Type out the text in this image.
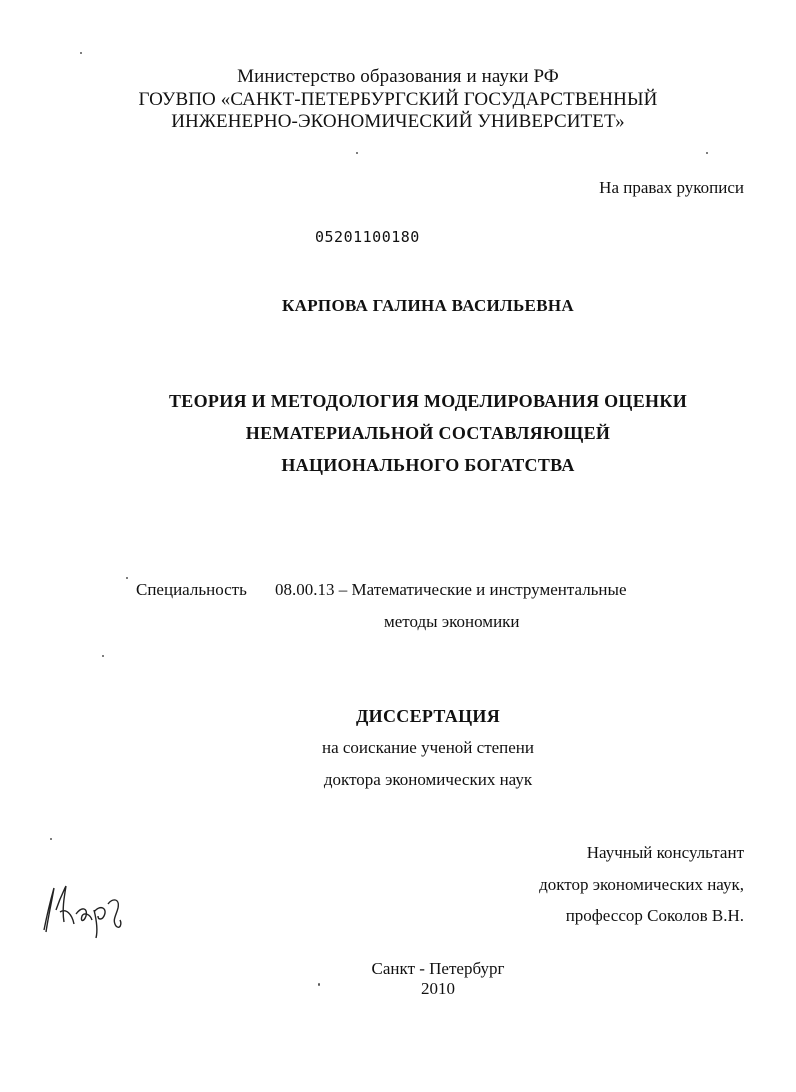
Министерство образования и науки РФ
ГОУВПО «САНКТ-ПЕТЕРБУРГСКИЙ ГОСУДАРСТВЕННЫЙ
ИНЖЕНЕРНО-ЭКОНОМИЧЕСКИЙ УНИВЕРСИТЕТ»
На правах рукописи
05201100180
КАРПОВА ГАЛИНА ВАСИЛЬЕВНА
ТЕОРИЯ И МЕТОДОЛОГИЯ МОДЕЛИРОВАНИЯ ОЦЕНКИ
НЕМАТЕРИАЛЬНОЙ СОСТАВЛЯЮЩЕЙ
НАЦИОНАЛЬНОГО БОГАТСТВА
Специальность 08.00.13 – Математические и инструментальные
методы экономики
ДИССЕРТАЦИЯ
на соискание ученой степени
доктора экономических наук
Научный консультант
доктор экономических наук,
профессор Соколов В.Н.
Санкт - Петербург
2010
